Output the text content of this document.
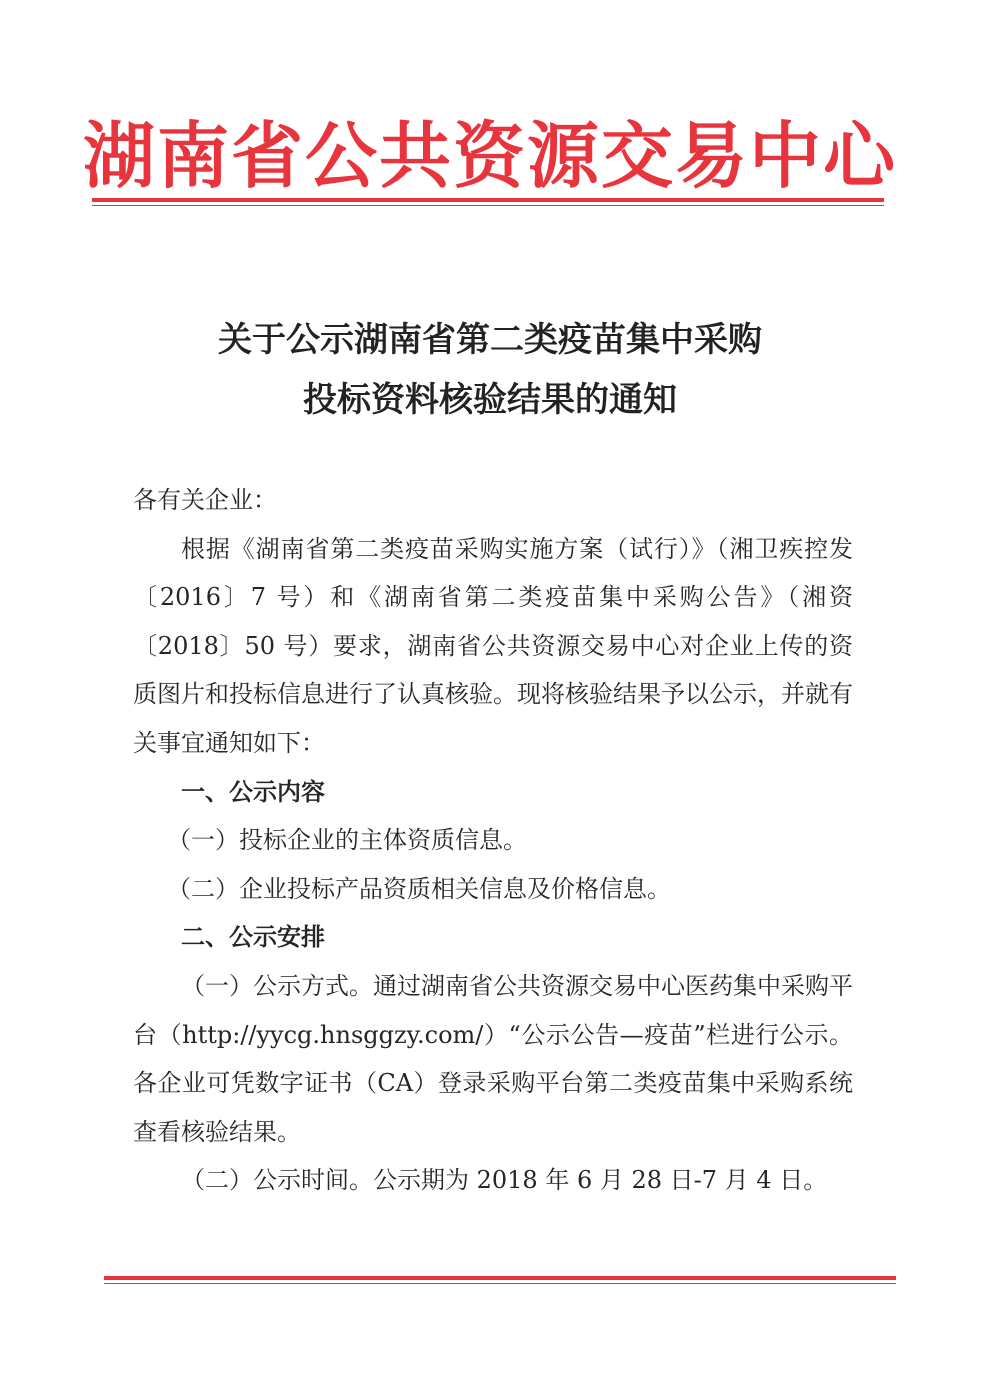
湖南省公共资源交易中心
关于公示湖南省第二类疫苗集中采购
投标资料核验结果的通知

各有关企业：

根据《湖南省第二类疫苗采购实施方案（试行）》（湘卫疾控发〔2016〕7 号）和《湖南省第二类疫苗集中采购公告》（湘资〔2018〕50 号）要求，湖南省公共资源交易中心对企业上传的资质图片和投标信息进行了认真核验。现将核验结果予以公示，并就有关事宜通知如下：

一、公示内容

（一）投标企业的主体资质信息。

（二）企业投标产品资质相关信息及价格信息。

二、公示安排

（一）公示方式。通过湖南省公共资源交易中心医药集中采购平台（http://yycg.hnsggzy.com/）“公示公告—疫苗”栏进行公示。各企业可凭数字证书（CA）登录采购平台第二类疫苗集中采购系统查看核验结果。

（二）公示时间。公示期为 2018 年 6 月 28 日-7 月 4 日。
